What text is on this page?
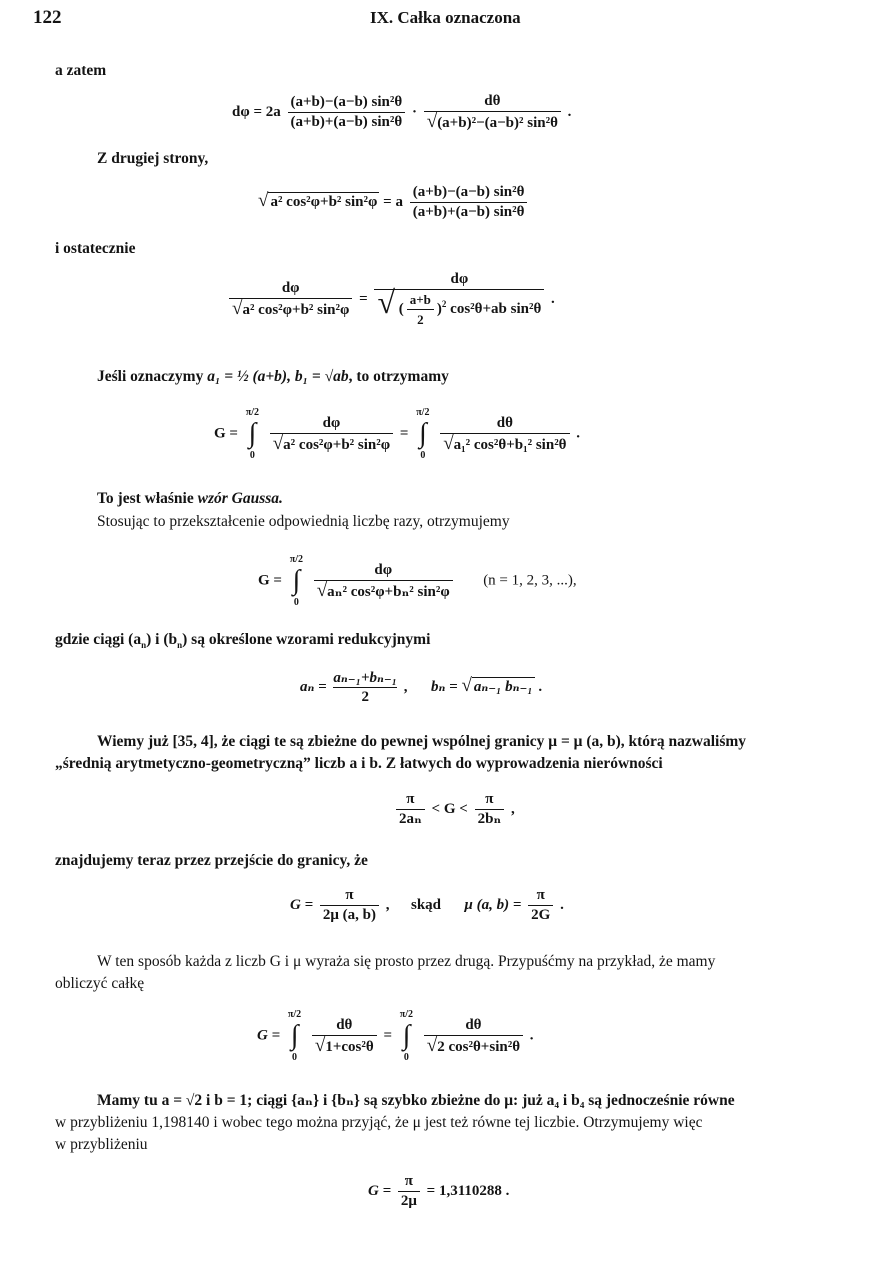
122	IX. Całka oznaczona
a zatem
$d\varphi = 2a \frac{\text{(a+b)−(a−b) sin²θ}}{\text{(a+b)+(a−b) sin²θ}} \cdot \frac{d\theta}{\text{√(a+b)²−(a−b)² sin²θ}}$ .
Z drugiej strony,
√ a² cos²φ+b² sin²φ = a $\frac{\text{(a+b)−(a−b) sin²θ}}{\text{(a+b)+(a−b) sin²θ}}$
i ostatecznie
$\frac{d\varphi}{\text{√a² cos²φ+b² sin²φ}} = \frac{d\varphi}{√ ( \frac{a+b}{2} )^2 \cos^2\theta+ab \sin^2\theta}$ .
Jeśli oznaczymy a₁ = ½ (a+b), b₁ = √ab, to otrzymamy
G =
π/2
∫
0

$\frac{d\varphi}{\text{√a² cos²φ+b² sin²φ}}$ =
π/2
∫
0

$\frac{d\theta}{\text{√a₁² cos²θ+b₁² sin²θ}}$ .
To jest właśnie wzór Gaussa.
Stosując to przekształcenie odpowiednią liczbę razy, otrzymujemy
G =
π/2
∫
0

$\frac{d\varphi}{\text{√aₙ² cos²φ+bₙ² sin²φ}} (n = 1$, 2, 3, ...),
gdzie ciągi $(a_n)$ i $(b_n)$ są określone wzorami redukcyjnymi
$a_n = \frac{\text{aₙ₋₁+bₙ₋₁}}{2}$ ,  bₙ = √ aₙ₋₁ bₙ₋₁ .
Wiemy już [35, 4], że ciągi te są zbieżne do pewnej wspólnej granicy μ = μ (a, b), którą nazwaliśmy
„średnią arytmetyczno-geometryczną” liczb a i b. Z łatwych do wyprowadzenia nierówności
$\frac{\pi}{\text{2aₙ}} < G < \frac{\pi}{\text{2bₙ}}$ ,
znajdujemy teraz przez przejście do granicy, że
$G = \frac{\pi}{2\mu (a, b)}$ ,  skąd μ (a, $b) = \frac{\pi}{2G}$ .
W ten sposób każda z liczb G i μ wyraża się prosto przez drugą. Przypuśćmy na przykład, że mamy
obliczyć całkę
G =
π/2
∫
0

$\frac{d\theta}{\text{√1+cos²θ}}$ =
π/2
∫
0

$\frac{d\theta}{\text{√2 cos²θ+sin²θ}}$ .
Mamy tu a = √2 i b = 1; ciągi {aₙ} i {bₙ} są szybko zbieżne do μ: już a₄ i b₄ są jednocześnie równe
w przybliżeniu 1,198140 i wobec tego można przyjąć, że μ jest też równe tej liczbie. Otrzymujemy więc
w przybliżeniu
$G = \frac{\pi}{2\mu} = 1,3110288$ .
